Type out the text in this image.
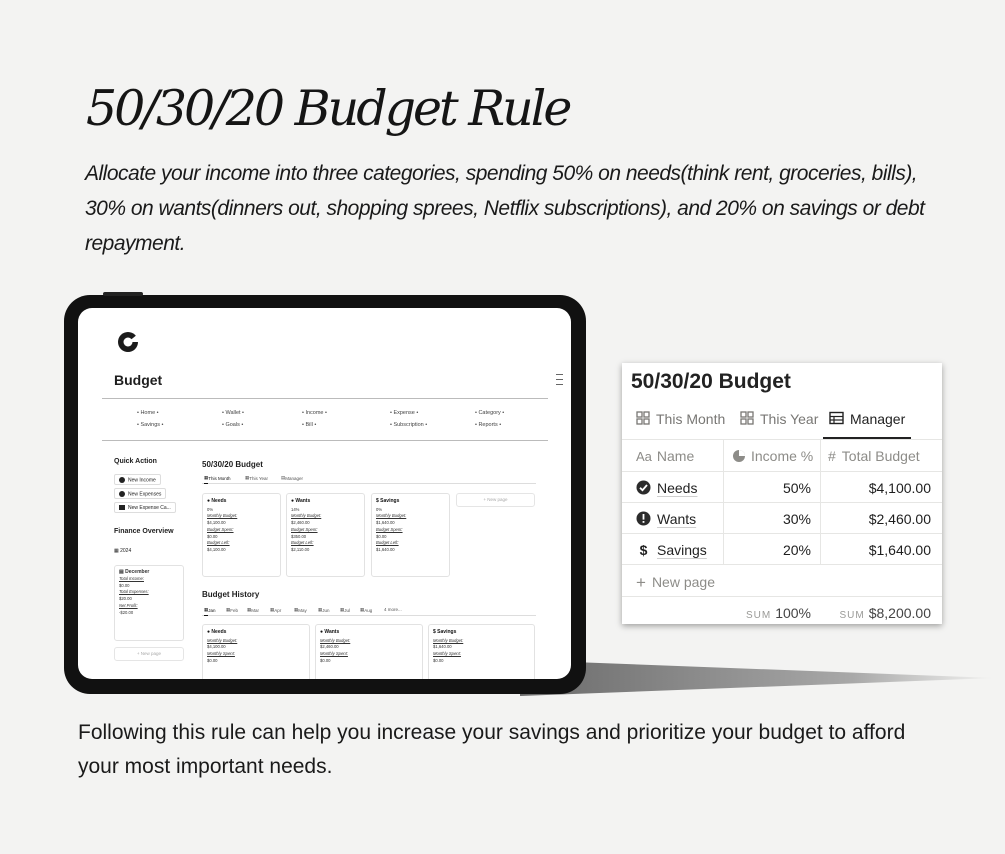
50/30/20 Budget Rule
Allocate your income into three categories, spending 50% on needs(think rent, groceries, bills), 30% on wants(dinners out, shopping sprees, Netflix subscriptions), and 20% on savings or debt repayment.
Budget
• Home •	• Wallet •	• Income •	• Expense •	• Category •
• Savings •	• Goals •	• Bill •	• Subscription •	• Reports •
Quick Action
New Income
New Expenses
New Expense Ca...
Finance Overview
▦ 2024
▤ December
Total Income:
$0.00
Total Expenses:
$20.00
Net Profit:
-$20.00
+ New page
50/30/20 Budget
▦ This Month	▦ This Year	▤ Manager
● Needs
0%
Monthly Budget:
$4,100.00
Budget Spent:
$0.00
Budget Left:
$4,100.00
● Wants
14%
Monthly Budget:
$2,460.00
Budget Spent:
$350.00
Budget Left:
$2,110.00
$ Savings
0%
Monthly Budget:
$1,640.00
Budget Spent:
$0.00
Budget Left:
$1,640.00
+ New page
Budget History
▦ Jan ▦ Feb ▦ Mar ▦ Apr	▦ May ▦ Jun ▦ Jul ▦ Aug	4 more...
● Needs
Monthly Budget:
$4,100.00
Monthly Spent:
$0.00
● Wants
Monthly Budget:
$2,460.00
Monthly Spent:
$0.00
$ Savings
Monthly Budget:
$1,640.00
Monthly Spent:
$0.00
50/30/20 Budget
This Month This Year Manager
Aa Name	Income % # Total Budget
Needs	50%	$4,100.00
Wants	30%	$2,460.00
$ Savings	20%	$1,640.00
+ New page
SUM 100%	SUM $8,200.00
Following this rule can help you increase your savings and prioritize your budget to afford your most important needs.
